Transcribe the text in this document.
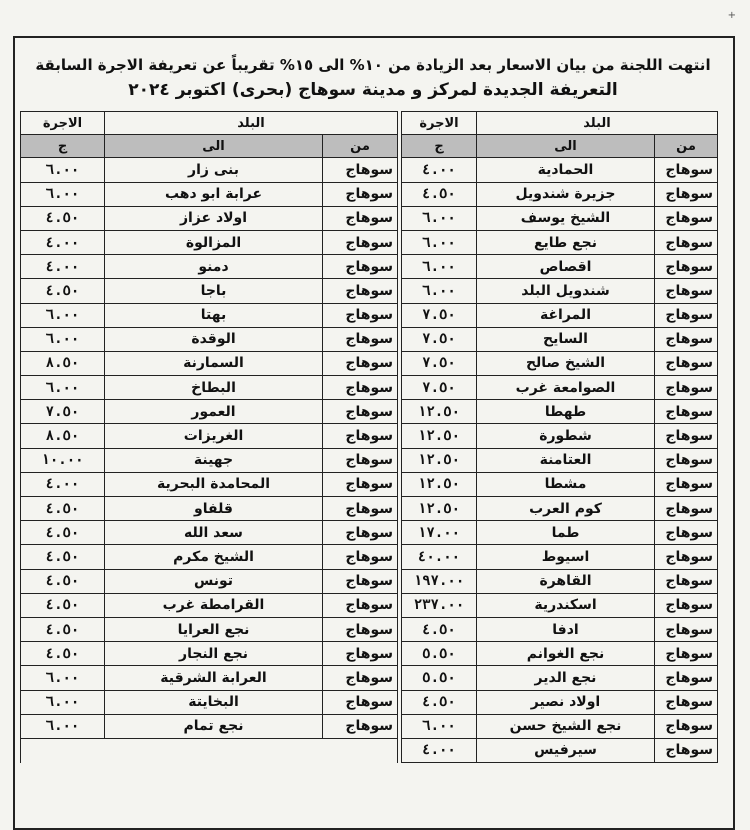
+
انتهت اللجنة من بيان الاسعار بعد الزيادة من ١٠% الى ١٥% تقريباً عن تعريفة الاجرة السابقة
التعريفة الجديدة لمركز و مدينة سوهاج (بحرى) اكتوبر ٢٠٢٤
البلد		الاجرة		البلد		الاجرة
من	الى	ج		من	الى	ج
سوهاج	الحمادية	٤.٠٠		سوهاج	بنى زار	٦.٠٠
سوهاج	جزيرة شندويل	٤.٥٠		سوهاج	عرابة ابو دهب	٦.٠٠
سوهاج	الشيخ يوسف	٦.٠٠		سوهاج	اولاد عزاز	٤.٥٠
سوهاج	نجع طايع	٦.٠٠		سوهاج	المزالوة	٤.٠٠
سوهاج	اقصاص	٦.٠٠		سوهاج	دمنو	٤.٠٠
سوهاج	شندويل البلد	٦.٠٠		سوهاج	باجا	٤.٥٠
سوهاج	المراغة	٧.٥٠		سوهاج	بهتا	٦.٠٠
سوهاج	السايح	٧.٥٠		سوهاج	الوقدة	٦.٠٠
سوهاج	الشيخ صالح	٧.٥٠		سوهاج	السمارنة	٨.٥٠
سوهاج	الصوامعة غرب	٧.٥٠		سوهاج	البطاخ	٦.٠٠
سوهاج	طهطا	١٢.٥٠		سوهاج	العمور	٧.٥٠
سوهاج	شطورة	١٢.٥٠		سوهاج	الغريزات	٨.٥٠
سوهاج	العتامنة	١٢.٥٠		سوهاج	جهينة	١٠.٠٠
سوهاج	مشطا	١٢.٥٠		سوهاج	المحامدة البحرية	٤.٠٠
سوهاج	كوم العرب	١٢.٥٠		سوهاج	قلفاو	٤.٥٠
سوهاج	طما	١٧.٠٠		سوهاج	سعد الله	٤.٥٠
سوهاج	اسيوط	٤٠.٠٠		سوهاج	الشيخ مكرم	٤.٥٠
سوهاج	القاهرة	١٩٧.٠٠		سوهاج	تونس	٤.٥٠
سوهاج	اسكندرية	٢٣٧.٠٠		سوهاج	القرامطة غرب	٤.٥٠
سوهاج	ادفا	٤.٥٠		سوهاج	نجع العرايا	٤.٥٠
سوهاج	نجع الغوانم	٥.٥٠		سوهاج	نجع النجار	٤.٥٠
سوهاج	نجع الدير	٥.٥٠		سوهاج	العرابة الشرقية	٦.٠٠
سوهاج	اولاد نصير	٤.٥٠		سوهاج	البخايتة	٦.٠٠
سوهاج	نجع الشيخ حسن	٦.٠٠		سوهاج	نجع تمام	٦.٠٠
سوهاج	سيرفيس	٤.٠٠				
